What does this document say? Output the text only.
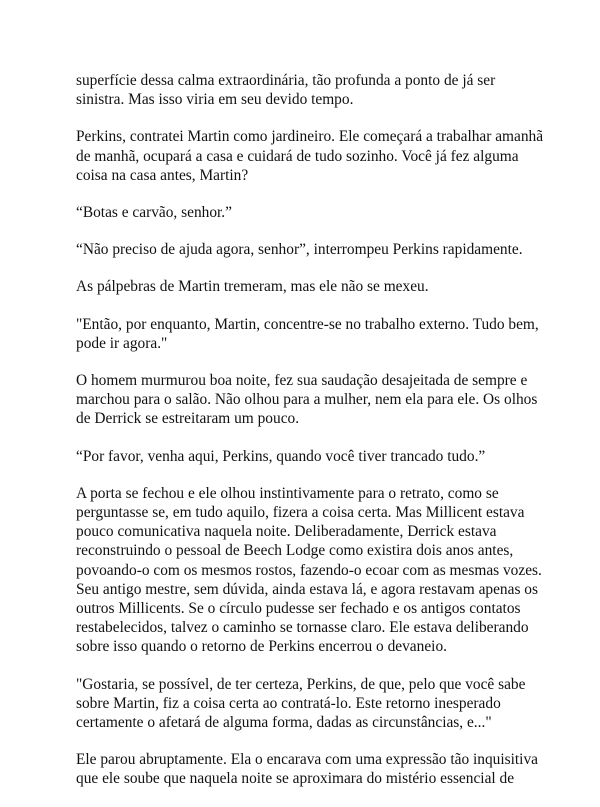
superfície dessa calma extraordinária, tão profunda a ponto de já ser
sinistra. Mas isso viria em seu devido tempo.

Perkins, contratei Martin como jardineiro. Ele começará a trabalhar amanhã
de manhã, ocupará a casa e cuidará de tudo sozinho. Você já fez alguma
coisa na casa antes, Martin?

“Botas e carvão, senhor.”

“Não preciso de ajuda agora, senhor”, interrompeu Perkins rapidamente.

As pálpebras de Martin tremeram, mas ele não se mexeu.

"Então, por enquanto, Martin, concentre-se no trabalho externo. Tudo bem,
pode ir agora."

O homem murmurou boa noite, fez sua saudação desajeitada de sempre e
marchou para o salão. Não olhou para a mulher, nem ela para ele. Os olhos
de Derrick se estreitaram um pouco.

“Por favor, venha aqui, Perkins, quando você tiver trancado tudo.”

A porta se fechou e ele olhou instintivamente para o retrato, como se
perguntasse se, em tudo aquilo, fizera a coisa certa. Mas Millicent estava
pouco comunicativa naquela noite. Deliberadamente, Derrick estava
reconstruindo o pessoal de Beech Lodge como existira dois anos antes,
povoando-o com os mesmos rostos, fazendo-o ecoar com as mesmas vozes.
Seu antigo mestre, sem dúvida, ainda estava lá, e agora restavam apenas os
outros Millicents. Se o círculo pudesse ser fechado e os antigos contatos
restabelecidos, talvez o caminho se tornasse claro. Ele estava deliberando
sobre isso quando o retorno de Perkins encerrou o devaneio.

"Gostaria, se possível, de ter certeza, Perkins, de que, pelo que você sabe
sobre Martin, fiz a coisa certa ao contratá-lo. Este retorno inesperado
certamente o afetará de alguma forma, dadas as circunstâncias, e..."

Ele parou abruptamente. Ela o encarava com uma expressão tão inquisitiva
que ele soube que naquela noite se aproximara do mistério essencial de
